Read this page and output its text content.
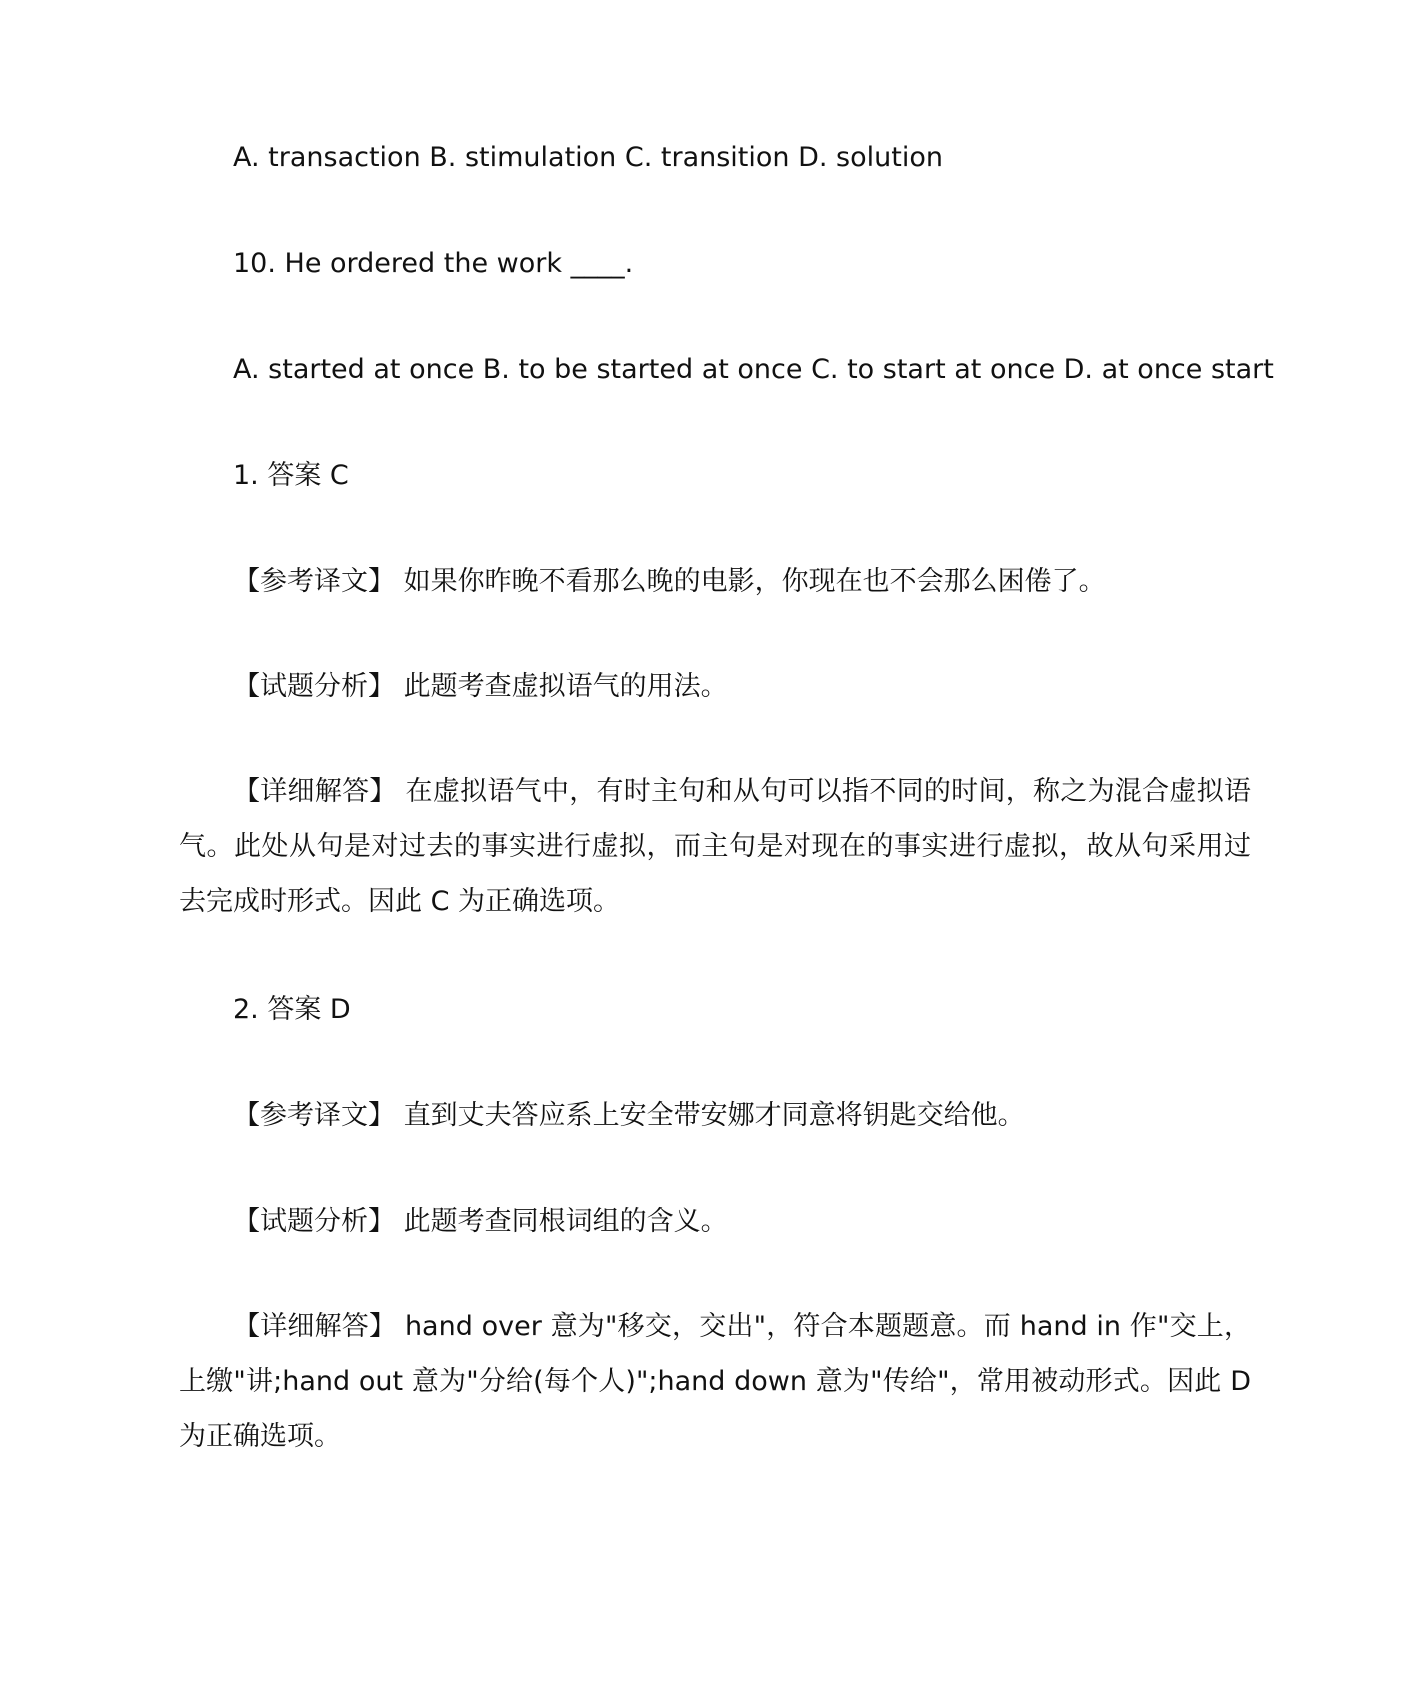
A. transaction B. stimulation C. transition D. solution
10. He ordered the work ____.
A. started at once B. to be started at once C. to start at once D. at once start
1. 答案 C
【参考译文】 如果你昨晚不看那么晚的电影，你现在也不会那么困倦了。
【试题分析】 此题考查虚拟语气的用法。
【详细解答】 在虚拟语气中，有时主句和从句可以指不同的时间，称之为混合虚拟语气。此处从句是对过去的事实进行虚拟，而主句是对现在的事实进行虚拟，故从句采用过去完成时形式。因此 C 为正确选项。
2. 答案 D
【参考译文】 直到丈夫答应系上安全带安娜才同意将钥匙交给他。
【试题分析】 此题考查同根词组的含义。
【详细解答】 hand over 意为"移交，交出"，符合本题题意。而 hand in 作"交上，上缴"讲;hand out 意为"分给(每个人)";hand down 意为"传给"，常用被动形式。因此 D 为正确选项。
